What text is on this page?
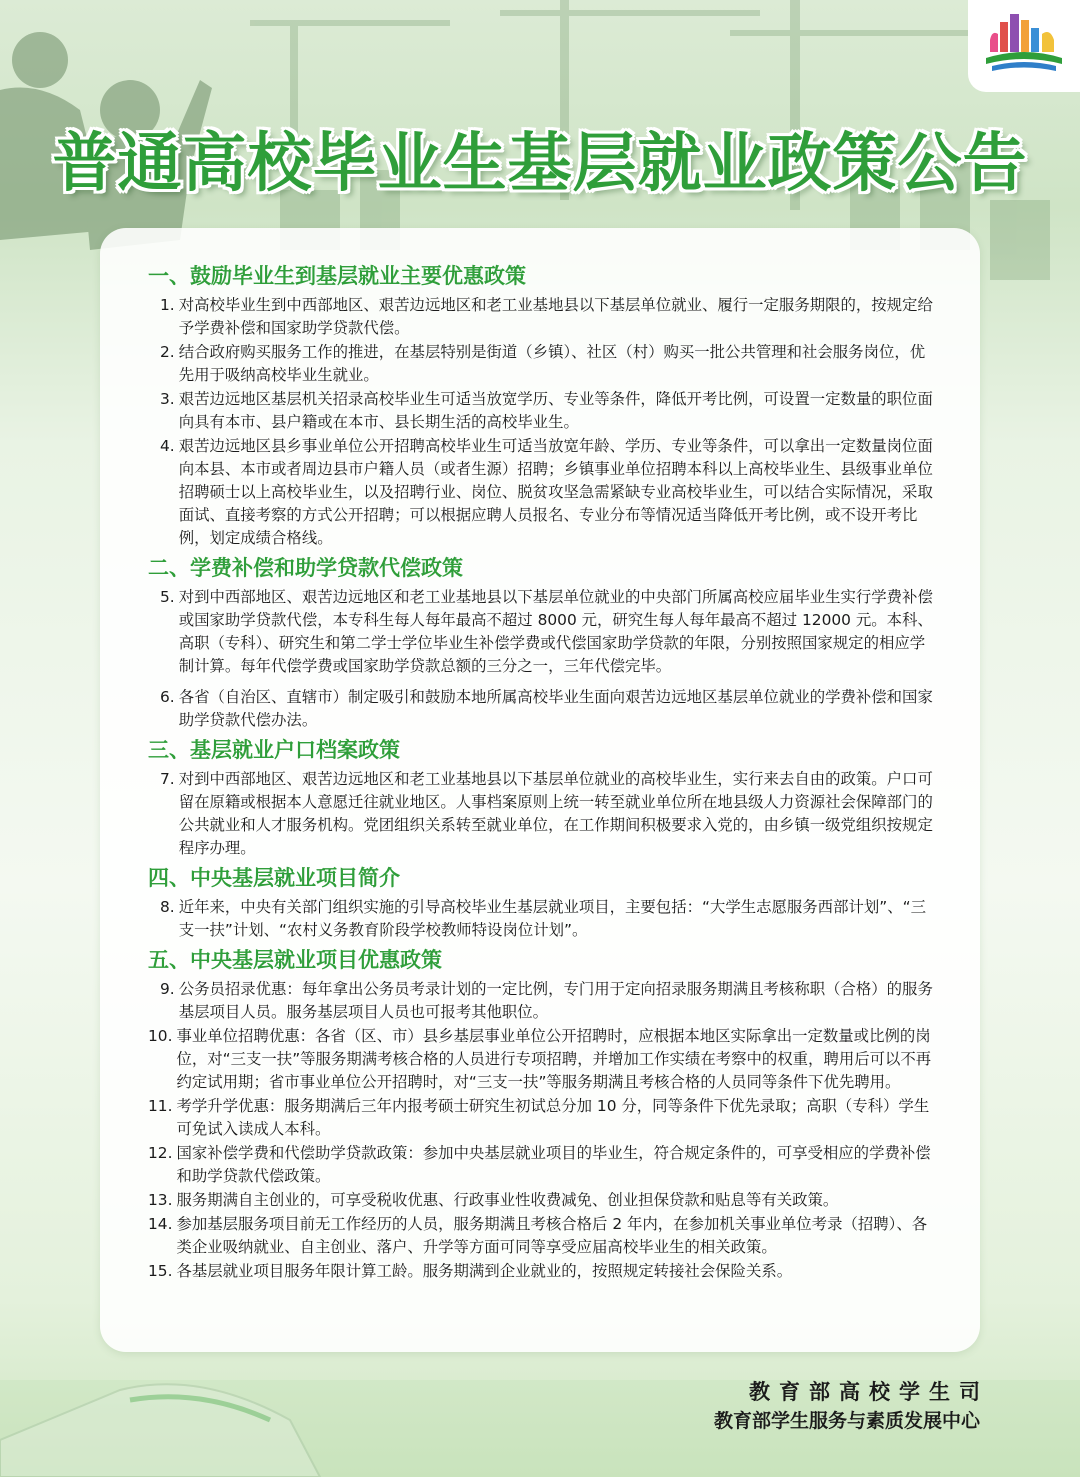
普通高校毕业生基层就业政策公告
一、鼓励毕业生到基层就业主要优惠政策
1. 对高校毕业生到中西部地区、艰苦边远地区和老工业基地县以下基层单位就业、履行一定服务期限的，按规定给予学费补偿和国家助学贷款代偿。
2. 结合政府购买服务工作的推进，在基层特别是街道（乡镇）、社区（村）购买一批公共管理和社会服务岗位，优先用于吸纳高校毕业生就业。
3. 艰苦边远地区基层机关招录高校毕业生可适当放宽学历、专业等条件，降低开考比例，可设置一定数量的职位面向具有本市、县户籍或在本市、县长期生活的高校毕业生。
4. 艰苦边远地区县乡事业单位公开招聘高校毕业生可适当放宽年龄、学历、专业等条件，可以拿出一定数量岗位面向本县、本市或者周边县市户籍人员（或者生源）招聘；乡镇事业单位招聘本科以上高校毕业生、县级事业单位招聘硕士以上高校毕业生，以及招聘行业、岗位、脱贫攻坚急需紧缺专业高校毕业生，可以结合实际情况，采取面试、直接考察的方式公开招聘；可以根据应聘人员报名、专业分布等情况适当降低开考比例，或不设开考比例，划定成绩合格线。
二、学费补偿和助学贷款代偿政策
5. 对到中西部地区、艰苦边远地区和老工业基地县以下基层单位就业的中央部门所属高校应届毕业生实行学费补偿或国家助学贷款代偿，本专科生每人每年最高不超过 8000 元，研究生每人每年最高不超过 12000 元。本科、高职（专科）、研究生和第二学士学位毕业生补偿学费或代偿国家助学贷款的年限，分别按照国家规定的相应学制计算。每年代偿学费或国家助学贷款总额的三分之一，三年代偿完毕。
6. 各省（自治区、直辖市）制定吸引和鼓励本地所属高校毕业生面向艰苦边远地区基层单位就业的学费补偿和国家助学贷款代偿办法。
三、基层就业户口档案政策
7. 对到中西部地区、艰苦边远地区和老工业基地县以下基层单位就业的高校毕业生，实行来去自由的政策。户口可留在原籍或根据本人意愿迁往就业地区。人事档案原则上统一转至就业单位所在地县级人力资源社会保障部门的公共就业和人才服务机构。党团组织关系转至就业单位，在工作期间积极要求入党的，由乡镇一级党组织按规定程序办理。
四、中央基层就业项目简介
8. 近年来，中央有关部门组织实施的引导高校毕业生基层就业项目，主要包括：“大学生志愿服务西部计划”、“三支一扶”计划、“农村义务教育阶段学校教师特设岗位计划”。
五、中央基层就业项目优惠政策
9. 公务员招录优惠：每年拿出公务员考录计划的一定比例，专门用于定向招录服务期满且考核称职（合格）的服务基层项目人员。服务基层项目人员也可报考其他职位。
10. 事业单位招聘优惠：各省（区、市）县乡基层事业单位公开招聘时，应根据本地区实际拿出一定数量或比例的岗位，对“三支一扶”等服务期满考核合格的人员进行专项招聘，并增加工作实绩在考察中的权重，聘用后可以不再约定试用期；省市事业单位公开招聘时，对“三支一扶”等服务期满且考核合格的人员同等条件下优先聘用。
11. 考学升学优惠：服务期满后三年内报考硕士研究生初试总分加 10 分，同等条件下优先录取；高职（专科）学生可免试入读成人本科。
12. 国家补偿学费和代偿助学贷款政策：参加中央基层就业项目的毕业生，符合规定条件的，可享受相应的学费补偿和助学贷款代偿政策。
13. 服务期满自主创业的，可享受税收优惠、行政事业性收费减免、创业担保贷款和贴息等有关政策。
14. 参加基层服务项目前无工作经历的人员，服务期满且考核合格后 2 年内，在参加机关事业单位考录（招聘）、各类企业吸纳就业、自主创业、落户、升学等方面可同等享受应届高校毕业生的相关政策。
15. 各基层就业项目服务年限计算工龄。服务期满到企业就业的，按照规定转接社会保险关系。
教育部高校学生司
教育部学生服务与素质发展中心
